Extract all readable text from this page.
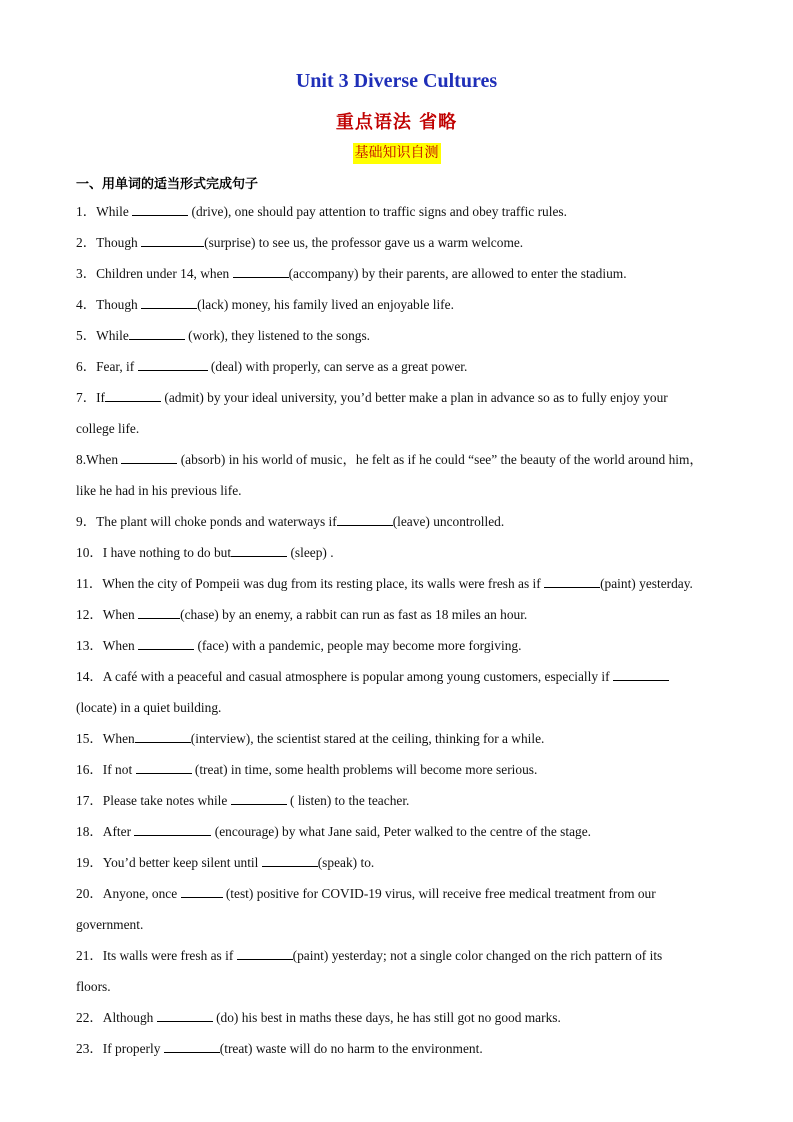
Unit 3 Diverse Cultures
重点语法 省略
基础知识自测
一、用单词的适当形式完成句子
1．While	(drive), one should pay attention to traffic signs and obey traffic rules.
2．Though	(surprise) to see us, the professor gave us a warm welcome.
3．Children under 14, when	(accompany) by their parents, are allowed to enter the stadium.
4．Though	(lack) money, his family lived an enjoyable life.
5．While	(work), they listened to the songs.
6．Fear, if	(deal) with properly, can serve as a great power.
7．If	(admit) by your ideal university, you’d better make a plan in advance so as to fully enjoy your
college life.
8.When	(absorb) in his world of music，he felt as if he could “see” the beauty of the world around him，
like he had in his previous life.
9．The plant will choke ponds and waterways if	(leave) uncontrolled.
10．I have nothing to do but	(sleep) .
11．When the city of Pompeii was dug from its resting place, its walls were fresh as if	(paint) yesterday.
12．When	(chase) by an enemy, a rabbit can run as fast as 18 miles an hour.
13．When	(face) with a pandemic, people may become more forgiving.
14．A café with a peaceful and casual atmosphere is popular among young customers, especially if
(locate) in a quiet building.
15．When	(interview), the scientist stared at the ceiling, thinking for a while.
16．If not	(treat) in time, some health problems will become more serious.
17．Please take notes while	( listen) to the teacher.
18．After	(encourage) by what Jane said, Peter walked to the centre of the stage.
19．You’d better keep silent until	(speak) to.
20．Anyone, once	(test) positive for COVID-19 virus, will receive free medical treatment from our
government.
21．Its walls were fresh as if	(paint) yesterday; not a single color changed on the rich pattern of its
floors.
22．Although	(do) his best in maths these days, he has still got no good marks.
23．If properly	(treat) waste will do no harm to the environment.
